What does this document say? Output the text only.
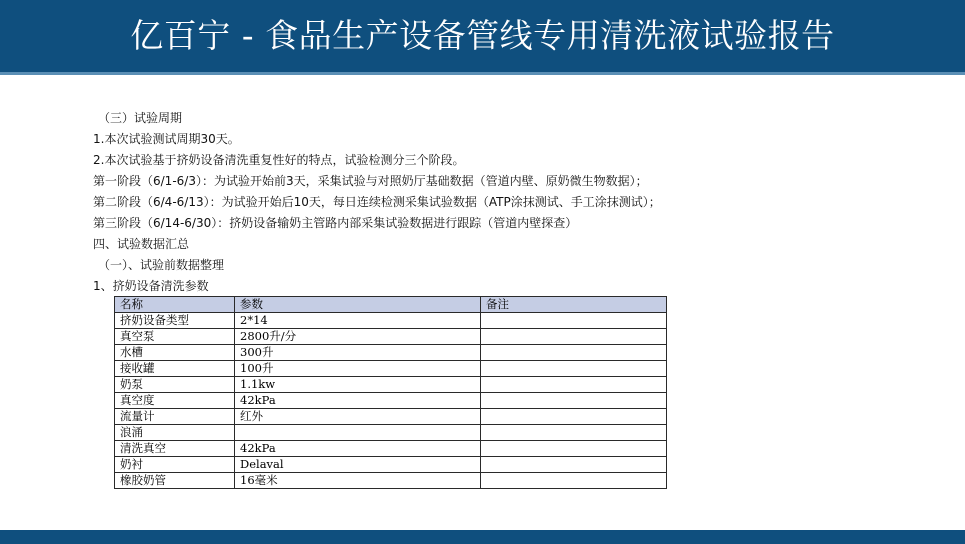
亿百宁 - 食品生产设备管线专用清洗液试验报告
（三）试验周期
1.本次试验测试周期30天。
2.本次试验基于挤奶设备清洗重复性好的特点，试验检测分三个阶段。
第一阶段（6/1-6/3）：为试验开始前3天，采集试验与对照奶厅基础数据（管道内壁、原奶微生物数据）；
第二阶段（6/4-6/13）：为试验开始后10天，每日连续检测采集试验数据（ATP涂抹测试、手工涂抹测试）；
第三阶段（6/14-6/30）：挤奶设备输奶主管路内部采集试验数据进行跟踪（管道内壁探查）
四、试验数据汇总
（一）、试验前数据整理
1、挤奶设备清洗参数
名称	参数	备注
挤奶设备类型	2*14	
真空泵	2800升/分	
水槽	300升	
接收罐	100升	
奶泵	1.1kw	
真空度	42kPa	
流量计	红外	
浪涌		
清洗真空	42kPa	
奶衬	Delaval	
橡胶奶管	16毫米	
